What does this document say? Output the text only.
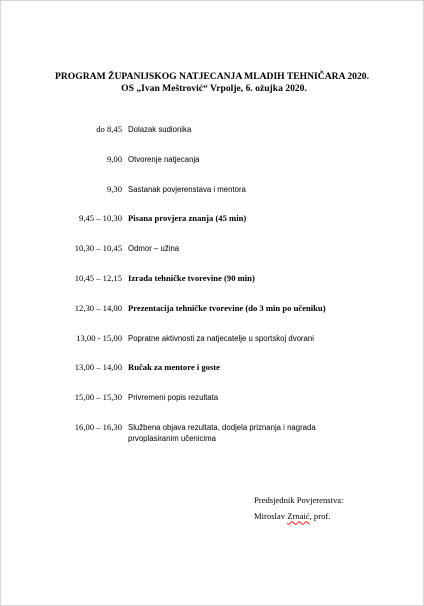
PROGRAM ŽUPANIJSKOG NATJECANJA MLADIH TEHNIČARA 2020.
OS „Ivan Meštrović“ Vrpolje, 6. ožujka 2020.
do 8,45 Dolazak sudionika
9,00 Otvorenje natjecanja
9,30 Sastanak povjerenstava i mentora
9,45 – 10,30 Pisana provjera znanja (45 min)
10,30 – 10,45 Odmor – užina
10,45 – 12,15 Izrada tehničke tvorevine (90 min)
12,30 – 14,00 Prezentacija tehničke tvorevine (do 3 min po učeniku)
13,00 - 15,00 Popratne aktivnosti za natjecatelje u sportskoj dvorani
13,00 – 14,00 Ručak za mentore i goste
15,00 – 15,30 Privremeni popis rezultata
16,00 – 16,30 Službena objava rezultata, dodjela priznanja i nagrada prvoplasiranim učenicima
Predsjednik Povjerenstva:
Miroslav Zrnaić, prof.
